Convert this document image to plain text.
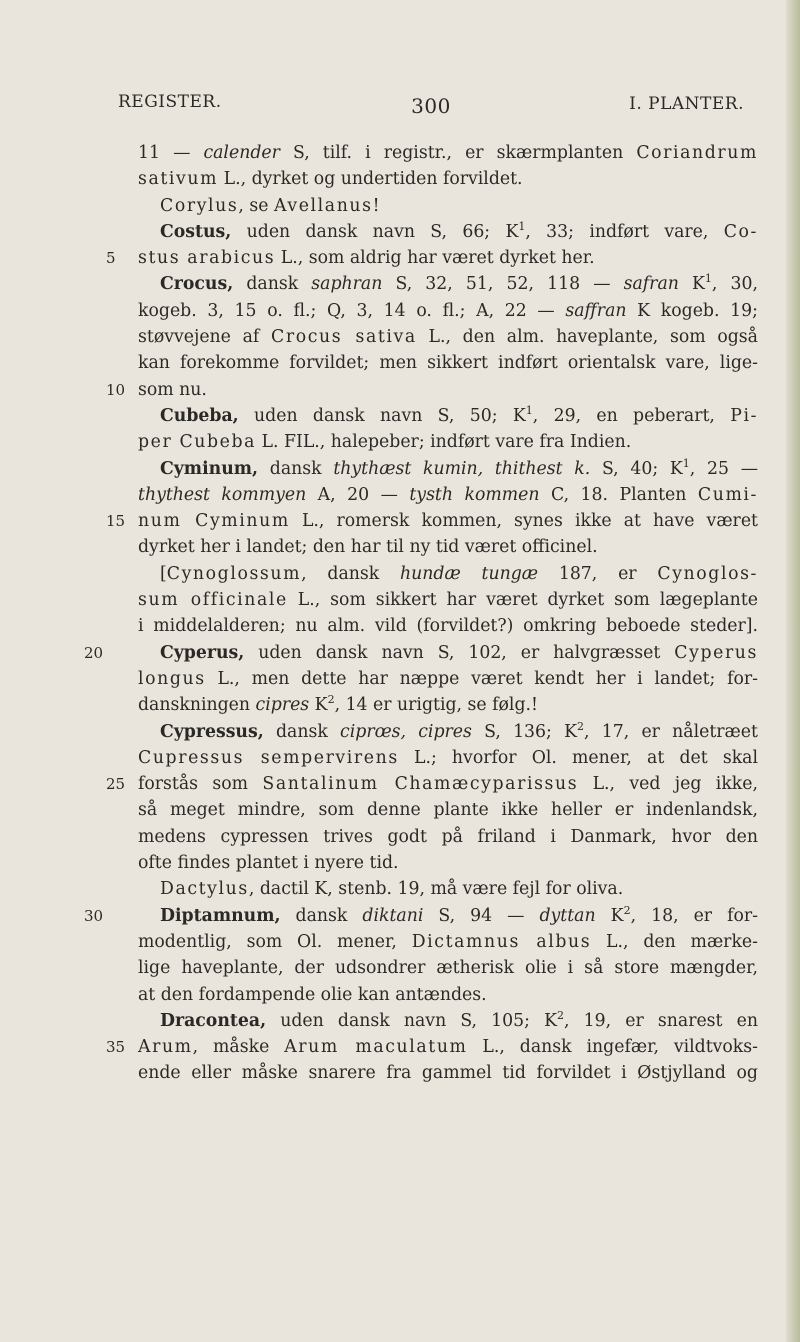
REGISTER.	300	I. PLANTER.
11 — calender S, tilf. i registr., er skærmplanten Coriandrum
sativum L., dyrket og undertiden forvildet.
Corylus, se Avellanus!
Costus, uden dansk navn S, 66; $K^1$, 33; indført vare, Co-
5	stus arabicus L., som aldrig har været dyrket her.
Crocus, dansk saphran S, 32, 51, 52, 118 — safran $K^1$, 30,
kogeb. 3, 15 o. fl.; Q, 3, 14 o. fl.; A, 22 — saffran K kogeb. 19;
støvvejene af Crocus sativa L., den alm. haveplante, som også
kan forekomme forvildet; men sikkert indført orientalsk vare, lige-
10 som nu.
Cubeba, uden dansk navn S, 50; $K^1$, 29, en peberart, Pi-
per Cubeba L. FIL., halepeber; indført vare fra Indien.
Cyminum, dansk thythæst kumin, thithest k. S, 40; $K^1$, 25 —
thythest kommyen A, 20 — tysth kommen C, 18. Planten Cumi-
15 num Cyminum L., romersk kommen, synes ikke at have været
dyrket her i landet; den har til ny tid været officinel.
[Cynoglossum, dansk hundæ tungæ 187, er Cynoglos-
sum officinale L., som sikkert har været dyrket som lægeplante
i middelalderen; nu alm. vild (forvildet?) omkring beboede steder].
20	Cyperus, uden dansk navn S, 102, er halvgræsset Cyperus
longus L., men dette har næppe været kendt her i landet; for-
danskningen cipres $K^2$, 14 er urigtig, se følg.!
Cypressus, dansk ciprœs, cipres S, 136; $K^2$, 17, er nåletræet
Cupressus sempervirens L.; hvorfor Ol. mener, at det skal
25 forstås som Santalinum Chamæcyparissus L., ved jeg ikke,
så meget mindre, som denne plante ikke heller er indenlandsk,
medens cypressen trives godt på friland i Danmark, hvor den
ofte findes plantet i nyere tid.
Dactylus, dactil K, stenb. 19, må være fejl for oliva.
30	Diptamnum, dansk diktani S, 94 — dyttan $K^2$, 18, er for-
modentlig, som Ol. mener, Dictamnus albus L., den mærke-
lige haveplante, der udsondrer ætherisk olie i så store mængder,
at den fordampende olie kan antændes.
Dracontea, uden dansk navn S, 105; $K^2$, 19, er snarest en
35 Arum, måske Arum maculatum L., dansk ingefær, vildtvoks-
ende eller måske snarere fra gammel tid forvildet i Østjylland og
